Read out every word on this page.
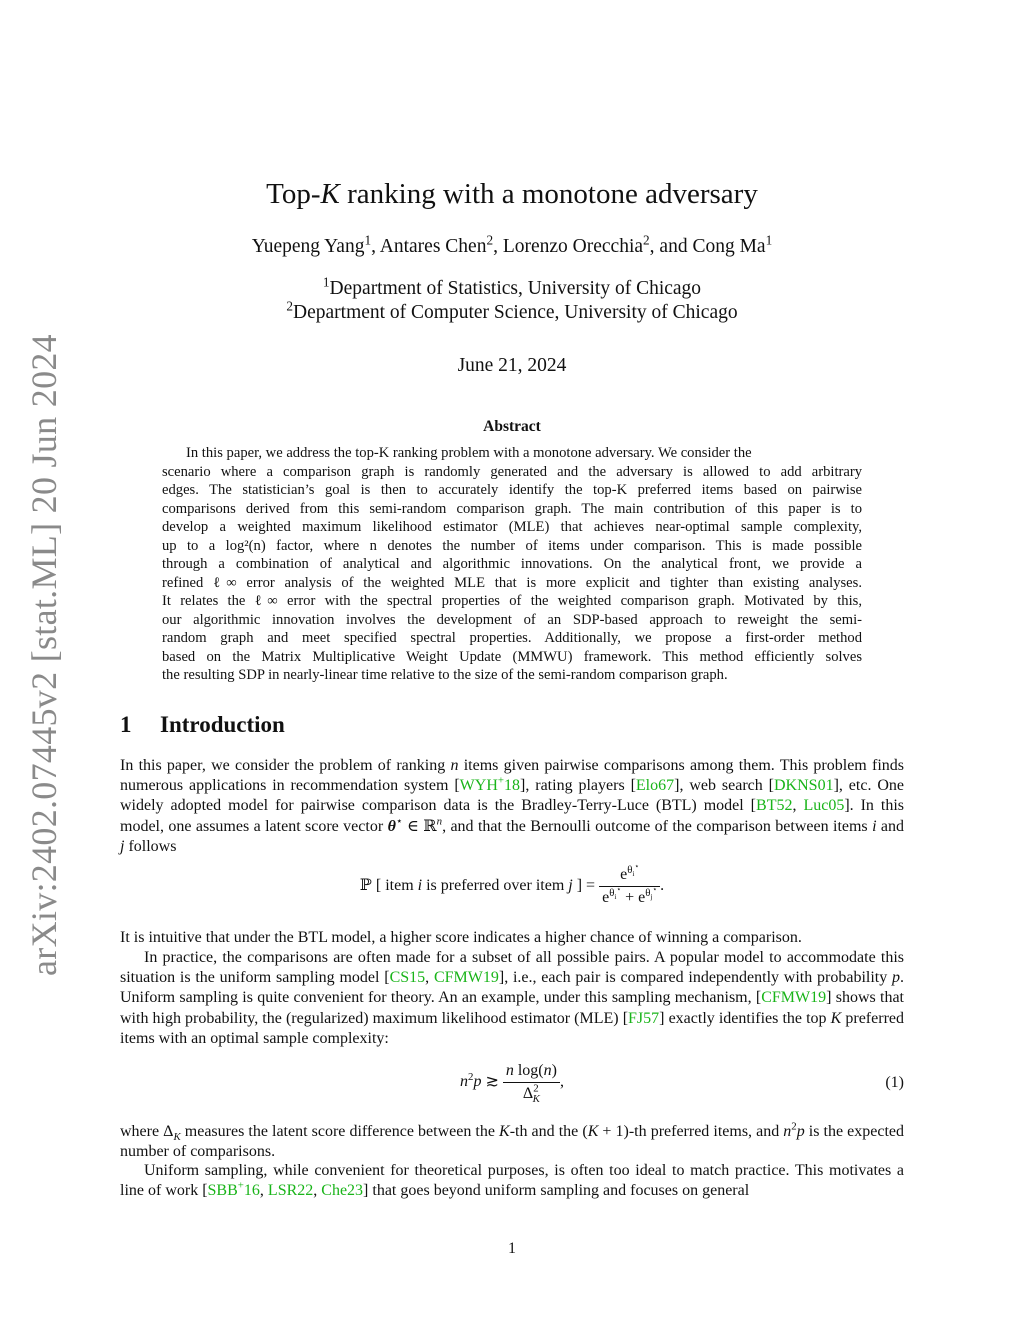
arXiv:2402.07445v2 [stat.ML] 20 Jun 2024
Top-K ranking with a monotone adversary
Yuepeng Yang$^1$, Antares Chen$^2$, Lorenzo Orecchia$^2$, and Cong Ma$^1$
$^1$Department of Statistics, University of Chicago
$^2$Department of Computer Science, University of Chicago
June 21, 2024
Abstract

In this paper, we address the top-K ranking problem with a monotone adversary. We consider the

scenario where a comparison graph is randomly generated and the adversary is allowed to add arbitrary
edges. The statistician’s goal is then to accurately identify the top-K preferred items based on pairwise
comparisons derived from this semi-random comparison graph. The main contribution of this paper is to
develop a weighted maximum likelihood estimator (MLE) that achieves near-optimal sample complexity,
up to a log²(n) factor, where n denotes the number of items under comparison. This is made possible
through a combination of analytical and algorithmic innovations. On the analytical front, we provide a
refined ℓ∞ error analysis of the weighted MLE that is more explicit and tighter than existing analyses.
It relates the ℓ∞ error with the spectral properties of the weighted comparison graph. Motivated by this,
our algorithmic innovation involves the development of an SDP-based approach to reweight the semi-
random graph and meet specified spectral properties. Additionally, we propose a first-order method
based on the Matrix Multiplicative Weight Update (MMWU) framework. This method efficiently solves
the resulting SDP in nearly-linear time relative to the size of the semi-random comparison graph.
1 Introduction

In this paper, we consider the problem of ranking n items given pairwise comparisons among them. This problem finds numerous applications in recommendation system [WYH+18], rating players [Elo67], web search [DKNS01], etc. One widely adopted model for pairwise comparison data is the Bradley-Terry-Luce (BTL) model [BT52, Luc05]. In this model, one assumes a latent score vector θ⋆ ∈ ℝ$^n$, and that the Bernoulli outcome of the comparison between items i and j follows

ℙ [ item i is preferred over item j ] = $\frac{e^{\theta_i^⋆}}{e^{\theta_i^⋆} + e^{\theta_j^⋆}}$ .

It is intuitive that under the BTL model, a higher score indicates a higher chance of winning a comparison.

In practice, the comparisons are often made for a subset of all possible pairs. A popular model to accommodate this situation is the uniform sampling model [CS15, CFMW19], i.e., each pair is compared independently with probability p. Uniform sampling is quite convenient for theory. An an example, under this sampling mechanism, [CFMW19] shows that with high probability, the (regularized) maximum likelihood estimator (MLE) [FJ57] exactly identifies the top K preferred items with an optimal sample complexity:

$n^2p$ ≳ $\frac{\text{n log(n)}}{\Delta^2_K}$ ,	(1)

where $\Delta_K$ measures the latent score difference between the K-th and the (K + 1)-th preferred items, and $n^2p$ is the expected number of comparisons.

Uniform sampling, while convenient for theoretical purposes, is often too ideal to match practice. This motivates a line of work [SBB+16, LSR22, Che23] that goes beyond uniform sampling and focuses on general

1
